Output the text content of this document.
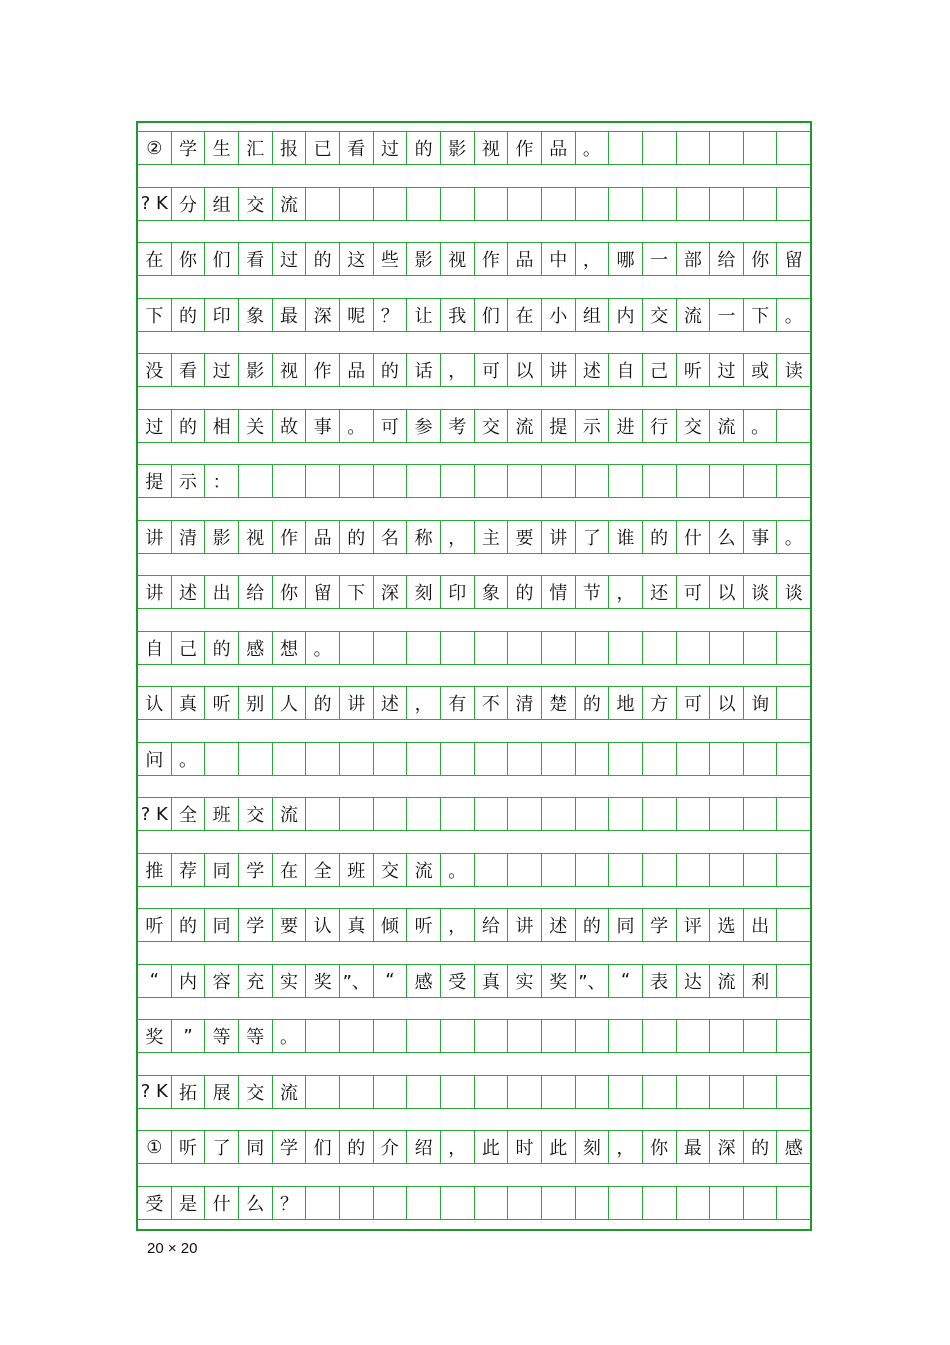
② 学 生 汇 报 已 看 过 的 影 视 作 品 。
? K 分 组 交 流
在 你 们 看 过 的 这 些 影 视 作 品 中 ， 哪 一 部 给 你 留
下 的 印 象 最 深 呢 ？ 让 我 们 在 小 组 内 交 流 一 下 。
没 看 过 影 视 作 品 的 话 ， 可 以 讲 述 自 己 听 过 或 读
过 的 相 关 故 事 。 可 参 考 交 流 提 示 进 行 交 流 。
提 示 ：
讲 清 影 视 作 品 的 名 称 ， 主 要 讲 了 谁 的 什 么 事 。
讲 述 出 给 你 留 下 深 刻 印 象 的 情 节 ， 还 可 以 谈 谈
自 己 的 感 想 。
认 真 听 别 人 的 讲 述 ， 有 不 清 楚 的 地 方 可 以 询
问 。
? K 全 班 交 流
推 荐 同 学 在 全 班 交 流 。
听 的 同 学 要 认 真 倾 听 ， 给 讲 述 的 同 学 评 选 出
“	内 容 充 实 奖 ”、 “	感 受 真 实 奖 ”、 “	表 达 流 利
奖	”	等 等 。
? K 拓 展 交 流
① 听 了 同 学 们 的 介 绍 ， 此 时 此 刻 ， 你 最 深 的 感
受 是 什 么 ？
20 × 20
